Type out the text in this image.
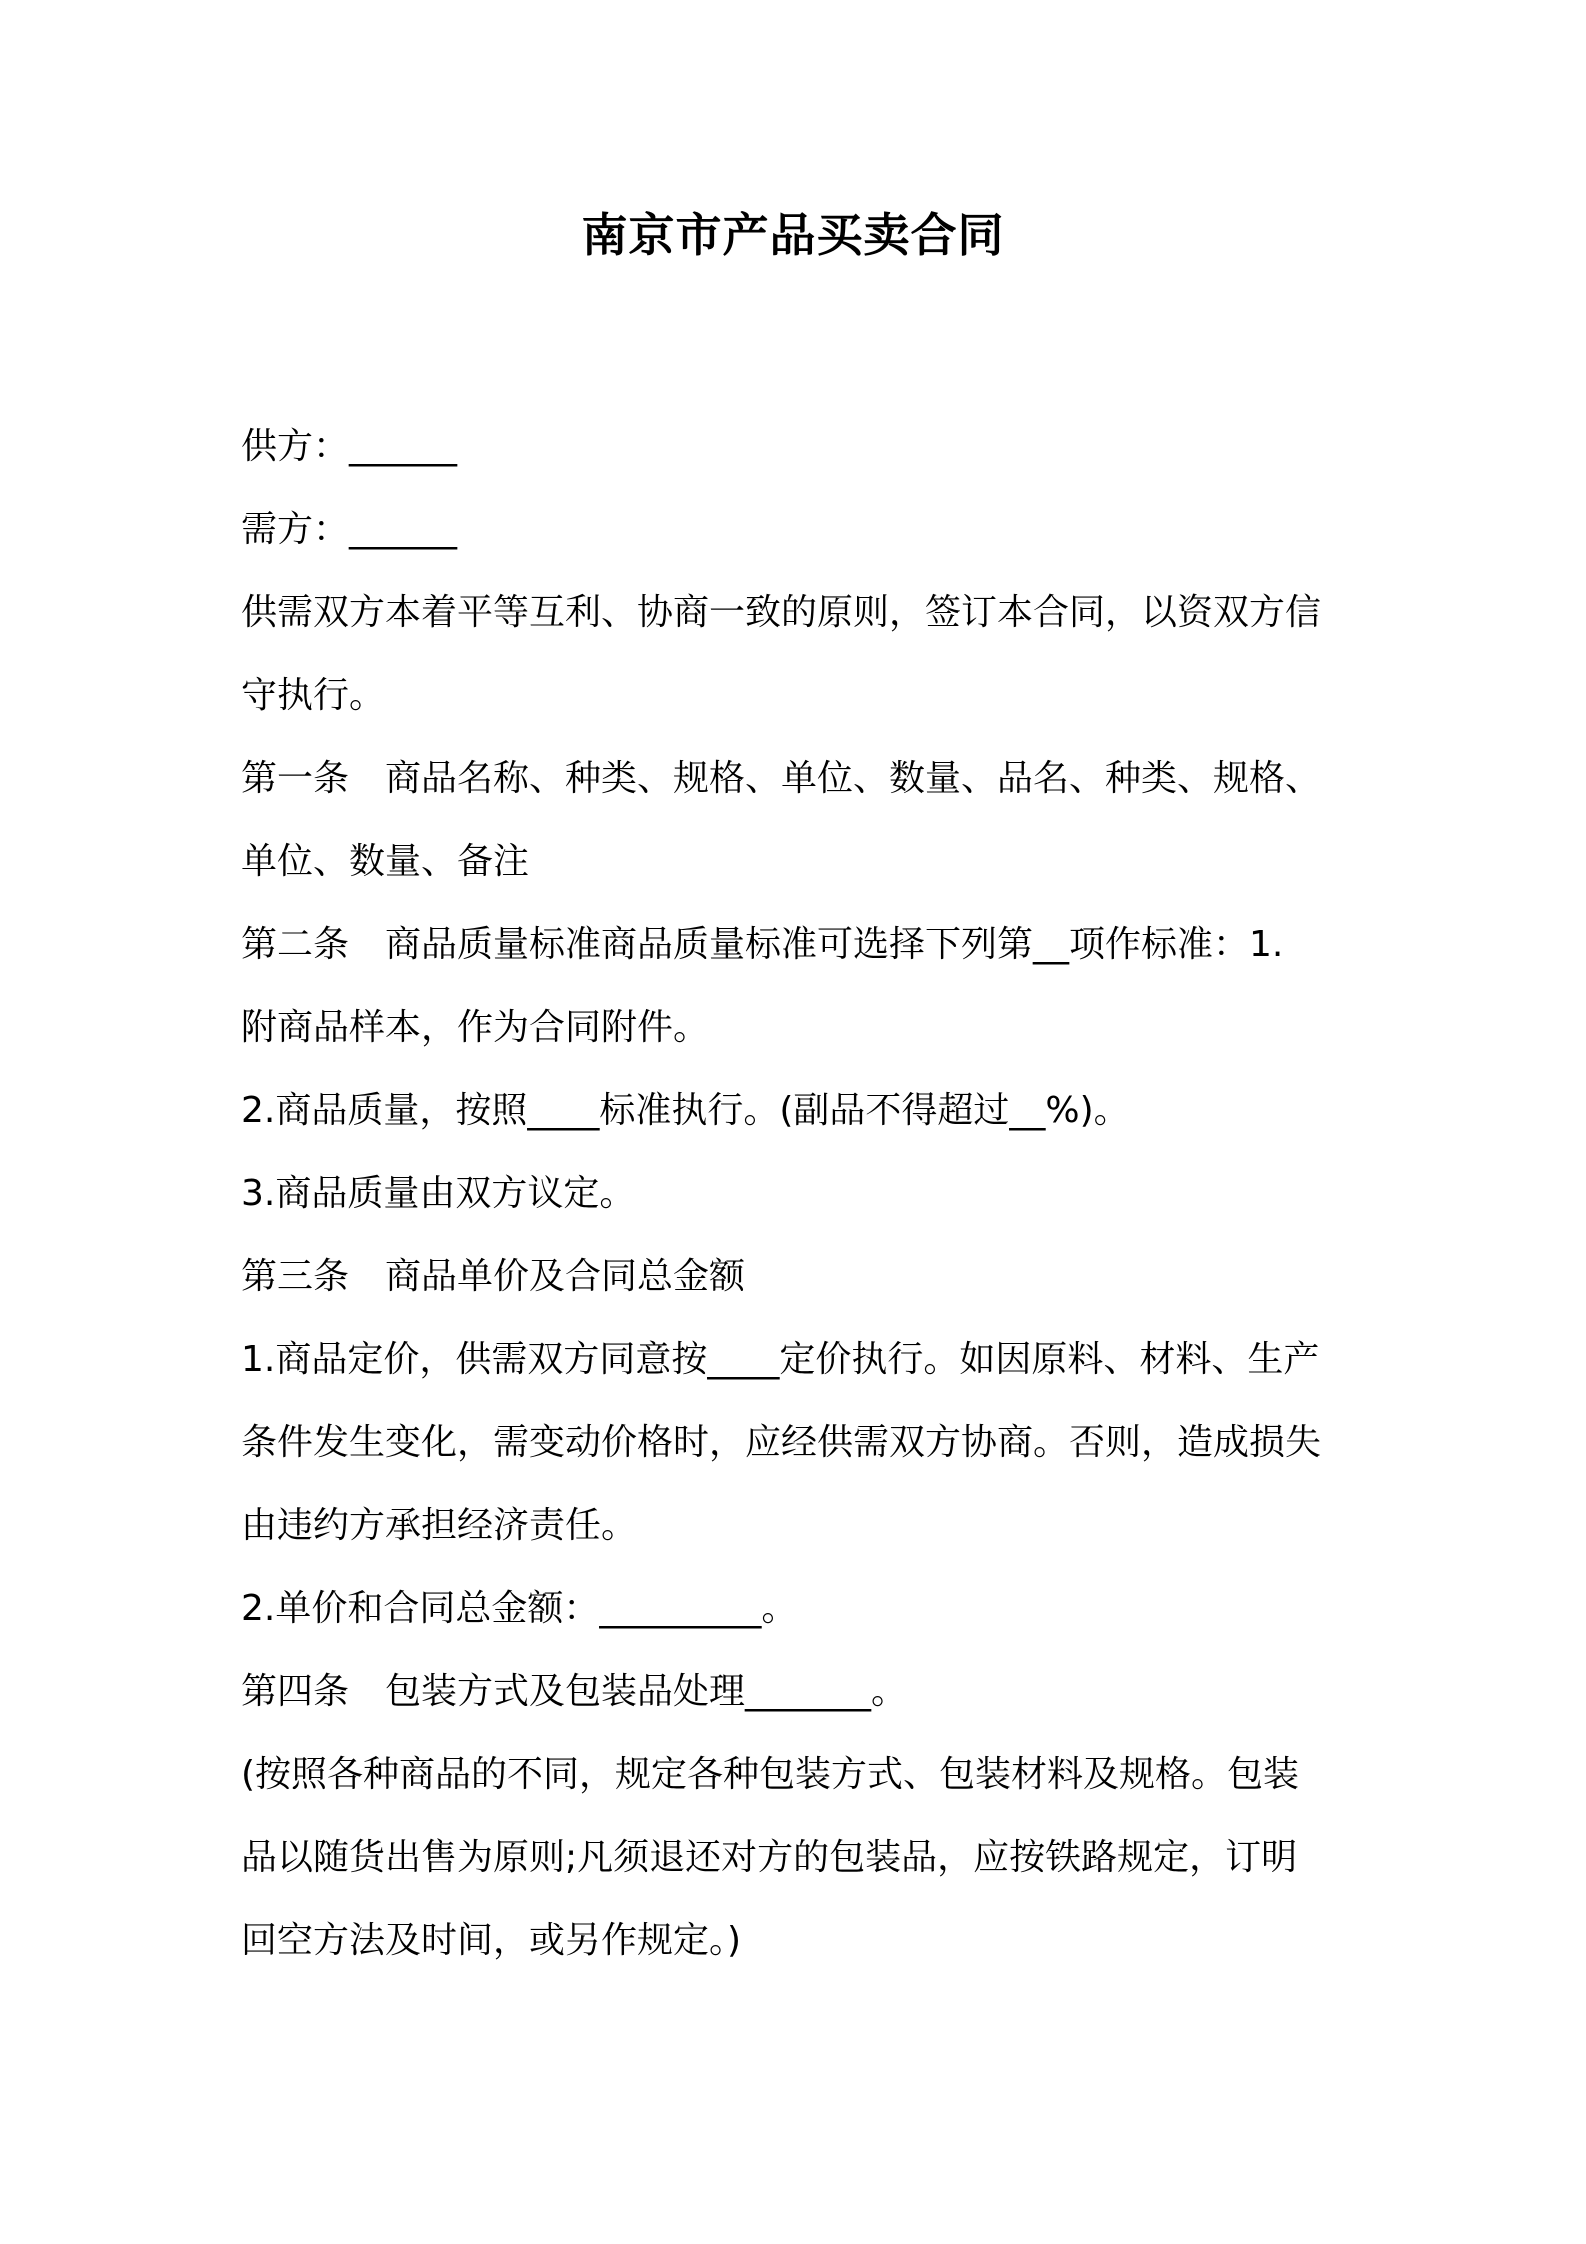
南京市产品买卖合同

供方：______

需方：______

供需双方本着平等互利、协商一致的原则，签订本合同，以资双方信

守执行。

第一条　商品名称、种类、规格、单位、数量、品名、种类、规格、

单位、数量、备注

第二条　商品质量标准商品质量标准可选择下列第__项作标准：1.

附商品样本，作为合同附件。

2.商品质量，按照____标准执行。(副品不得超过__%)。

3.商品质量由双方议定。

第三条　商品单价及合同总金额

1.商品定价，供需双方同意按____定价执行。如因原料、材料、生产

条件发生变化，需变动价格时，应经供需双方协商。否则，造成损失

由违约方承担经济责任。

2.单价和合同总金额：_________。

第四条　包装方式及包装品处理_______。

(按照各种商品的不同，规定各种包装方式、包装材料及规格。包装

品以随货出售为原则;凡须退还对方的包装品，应按铁路规定，订明

回空方法及时间，或另作规定。)
